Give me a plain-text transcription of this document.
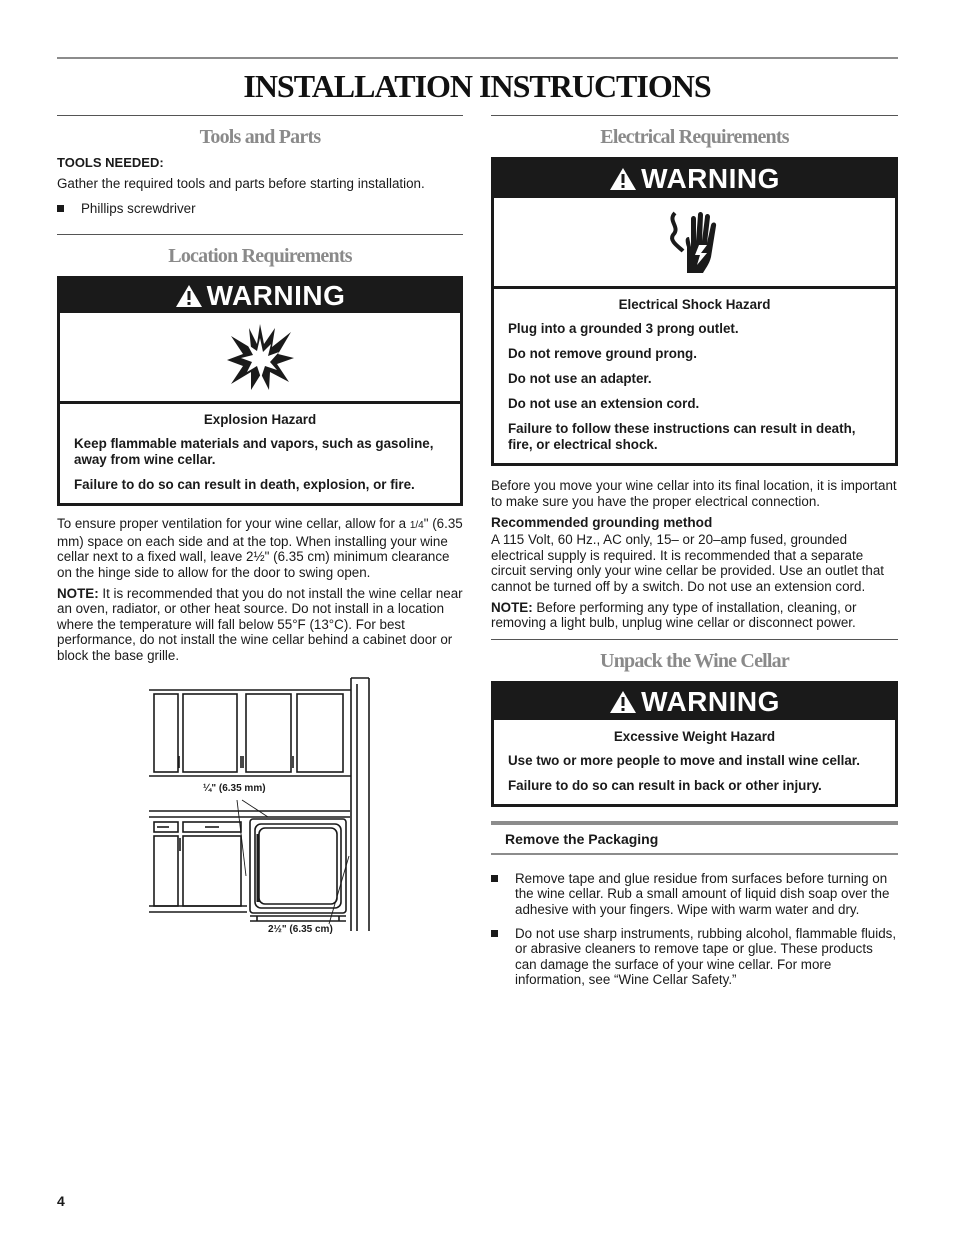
INSTALLATION INSTRUCTIONS
Tools and Parts
TOOLS NEEDED:

Gather the required tools and parts before starting installation.

Phillips screwdriver
Location Requirements
WARNING
Explosion Hazard
Keep flammable materials and vapors, such as gasoline, away from wine cellar.
Failure to do so can result in death, explosion, or fire.

To ensure proper ventilation for your wine cellar, allow for a 1/4" (6.35 mm) space on each side and at the top. When installing your wine cellar next to a fixed wall, leave 2½" (6.35 cm) minimum clearance on the hinge side to allow for the door to swing open.

NOTE: It is recommended that you do not install the wine cellar near an oven, radiator, or other heat source. Do not install in a location where the temperature will fall below 55°F (13°C). For best performance, do not install the wine cellar behind a cabinet door or block the base grille.

¼" (6.35 mm)
2½" (6.35 cm)
Electrical Requirements
WARNING
Electrical Shock Hazard
Plug into a grounded 3 prong outlet.
Do not remove ground prong.
Do not use an adapter.
Do not use an extension cord.
Failure to follow these instructions can result in death, fire, or electrical shock.

Before you move your wine cellar into its final location, it is important to make sure you have the proper electrical connection.

Recommended grounding method

A 115 Volt, 60 Hz., AC only, 15– or 20–amp fused, grounded electrical supply is required. It is recommended that a separate circuit serving only your wine cellar be provided. Use an outlet that cannot be turned off by a switch. Do not use an extension cord.

NOTE: Before performing any type of installation, cleaning, or removing a light bulb, unplug wine cellar or disconnect power.

Unpack the Wine Cellar
WARNING
Excessive Weight Hazard
Use two or more people to move and install wine cellar.
Failure to do so can result in back or other injury.
Remove the Packaging
Remove tape and glue residue from surfaces before turning on the wine cellar. Rub a small amount of liquid dish soap over the adhesive with your fingers. Wipe with warm water and dry.
Do not use sharp instruments, rubbing alcohol, flammable fluids, or abrasive cleaners to remove tape or glue. These products can damage the surface of your wine cellar. For more information, see “Wine Cellar Safety.”
4
